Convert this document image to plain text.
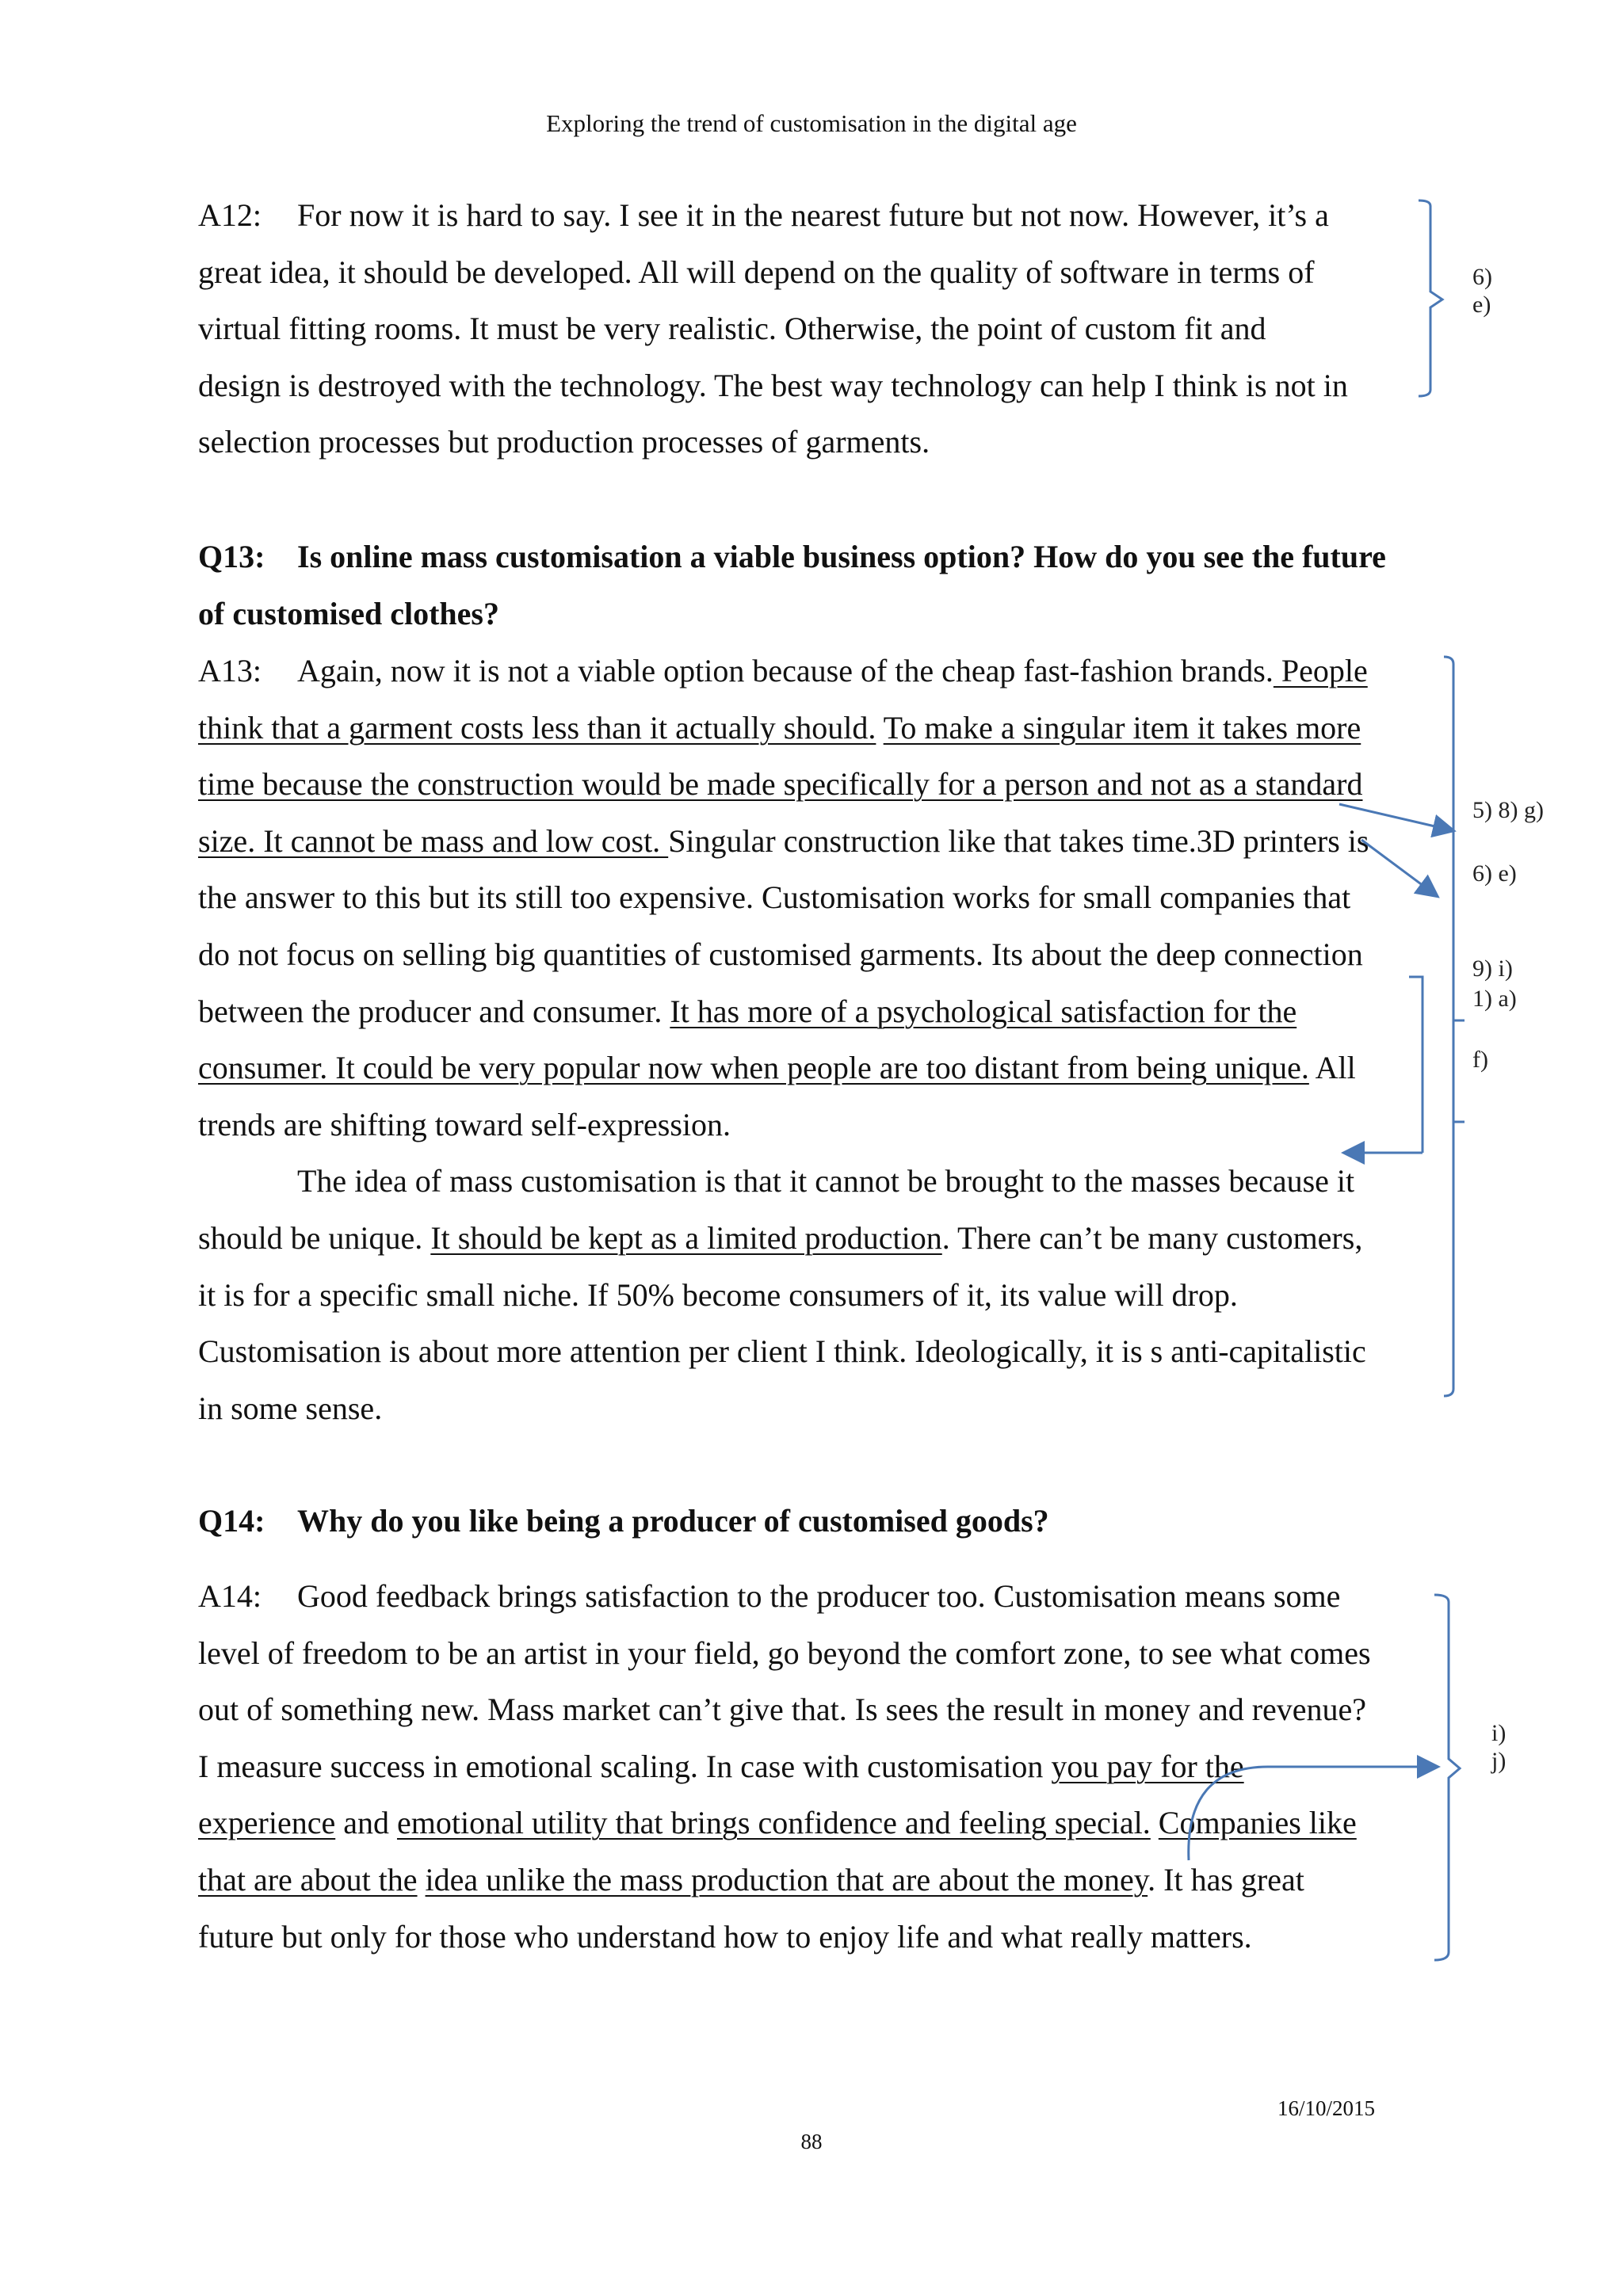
Exploring the trend of customisation in the digital age

A12: For now it is hard to say. I see it in the nearest future but not now. However, it’s a

great idea, it should be developed. All will depend on the quality of software in terms of

virtual fitting rooms. It must be very realistic. Otherwise, the point of custom fit and

design is destroyed with the technology. The best way technology can help I think is not in

selection processes but production processes of garments.

Q13: Is online mass customisation a viable business option? How do you see the future

of customised clothes?

A13: Again, now it is not a viable option because of the cheap fast-fashion brands. People

think that a garment costs less than it actually should. To make a singular item it takes more

time because the construction would be made specifically for a person and not as a standard

size. It cannot be mass and low cost. Singular construction like that takes time.3D printers is

the answer to this but its still too expensive. Customisation works for small companies that

do not focus on selling big quantities of customised garments. Its about the deep connection

between the producer and consumer. It has more of a psychological satisfaction for the

consumer. It could be very popular now when people are too distant from being unique. All

trends are shifting toward self-expression.

The idea of mass customisation is that it cannot be brought to the masses because it

should be unique. It should be kept as a limited production. There can’t be many customers,

it is for a specific small niche. If 50% become consumers of it, its value will drop.

Customisation is about more attention per client I think. Ideologically, it is s anti-capitalistic

in some sense.

Q14: Why do you like being a producer of customised goods?

A14: Good feedback brings satisfaction to the producer too. Customisation means some

level of freedom to be an artist in your field, go beyond the comfort zone, to see what comes

out of something new. Mass market can’t give that. Is sees the result in money and revenue?

I measure success in emotional scaling. In case with customisation you pay for the

experience and emotional utility that brings confidence and feeling special. Companies like

that are about the idea unlike the mass production that are about the money. It has great

future but only for those who understand how to enjoy life and what really matters.

6)
e)
5) 8) g)
6) e)
9) i)
1) a)
f)
i)
j)
16/10/2015
88
